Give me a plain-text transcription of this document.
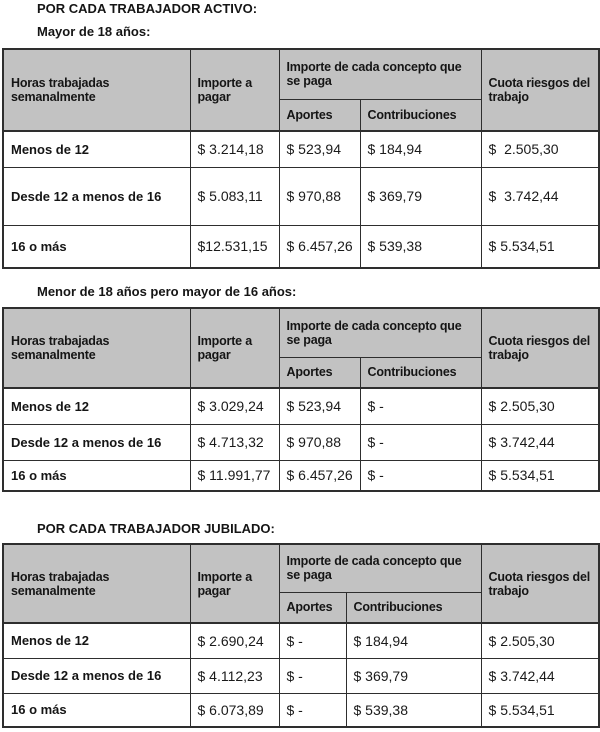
POR CADA TRABAJADOR ACTIVO:
Mayor de 18 años:
Horas trabajadas semanalmente	Importe a pagar	Importe de cada concepto que se paga		Cuota riesgos del trabajo
		Aportes	Contribuciones	
Menos de 12	$ 3.214,18	$ 523,94	$ 184,94	$  2.505,30
Desde 12 a menos de 16	$ 5.083,11	$ 970,88	$ 369,79	$  3.742,44
16 o más	$12.531,15	$ 6.457,26	$ 539,38	$ 5.534,51
Menor de 18 años pero mayor de 16 años:
Horas trabajadas semanalmente	Importe a pagar	Importe de cada concepto que se paga		Cuota riesgos del trabajo
		Aportes	Contribuciones	
Menos de 12	$ 3.029,24	$ 523,94	$ -	$ 2.505,30
Desde 12 a menos de 16	$ 4.713,32	$ 970,88	$ -	$ 3.742,44
16 o más	$ 11.991,77	$ 6.457,26	$ -	$ 5.534,51
POR CADA TRABAJADOR JUBILADO:
Horas trabajadas semanalmente	Importe a pagar	Importe de cada concepto que se paga		Cuota riesgos del trabajo
		Aportes	Contribuciones	
Menos de 12	$ 2.690,24	$ -	$ 184,94	$ 2.505,30
Desde 12 a menos de 16	$ 4.112,23	$ -	$ 369,79	$ 3.742,44
16 o más	$ 6.073,89	$ -	$ 539,38	$ 5.534,51
